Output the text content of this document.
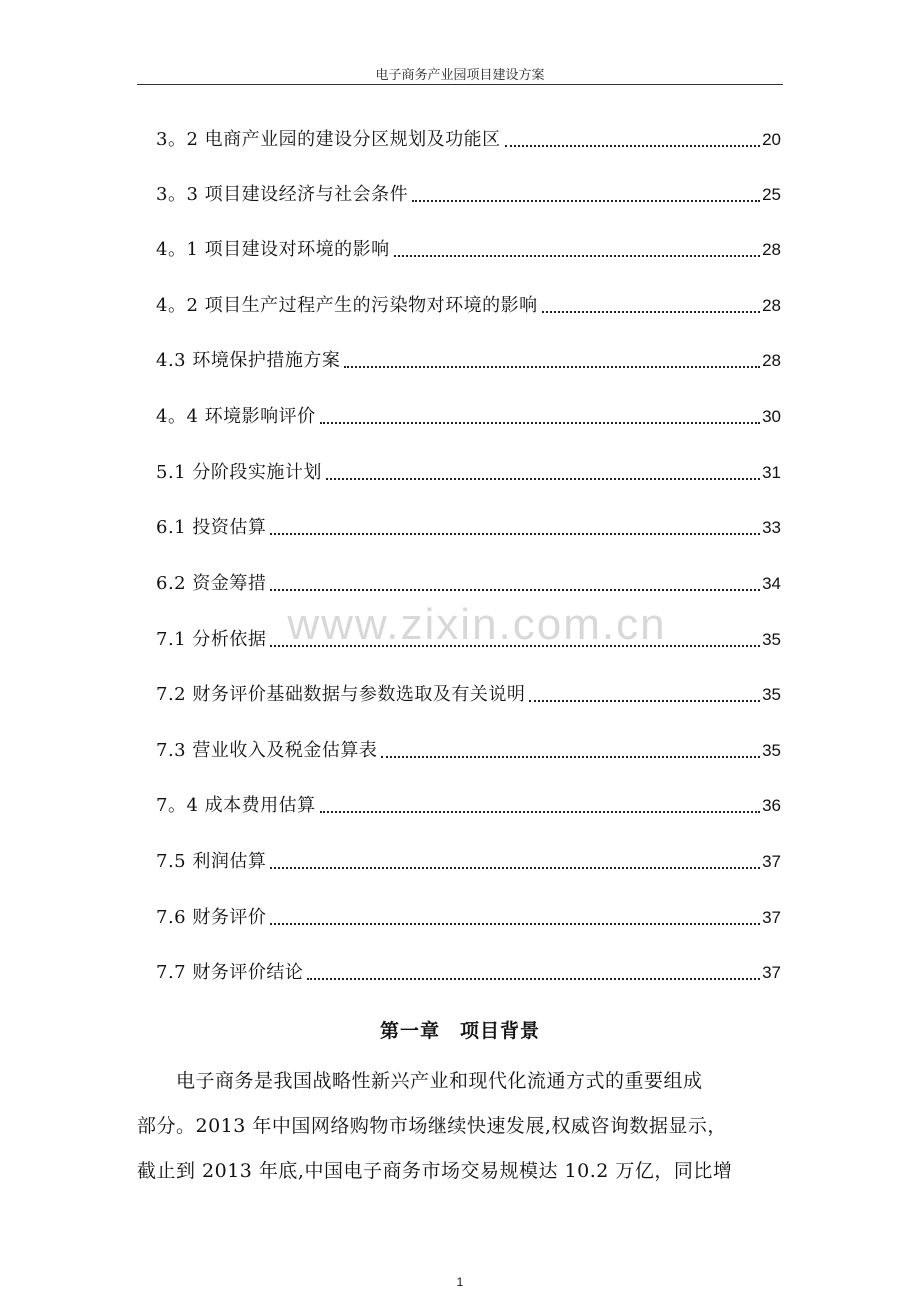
电子商务产业园项目建设方案
3。2 电商产业园的建设分区规划及功能区	20
3。3 项目建设经济与社会条件	25
4。1 项目建设对环境的影响	28
4。2 项目生产过程产生的污染物对环境的影响	28
4.3 环境保护措施方案	28
4。4 环境影响评价	30
5.1 分阶段实施计划	31
6.1 投资估算	33
6.2 资金筹措	34
7.1 分析依据	35
7.2 财务评价基础数据与参数选取及有关说明	35
7.3 营业收入及税金估算表	35
7。4 成本费用估算	36
7.5 利润估算	37
7.6 财务评价	37
7.7 财务评价结论	37
www.zixin.com.cn
第一章　项目背景
　　电子商务是我国战略性新兴产业和现代化流通方式的重要组成
部分。2013 年中国网络购物市场继续快速发展,权威咨询数据显示，
截止到 2013 年底,中国电子商务市场交易规模达 10.2 万亿，同比增
1
